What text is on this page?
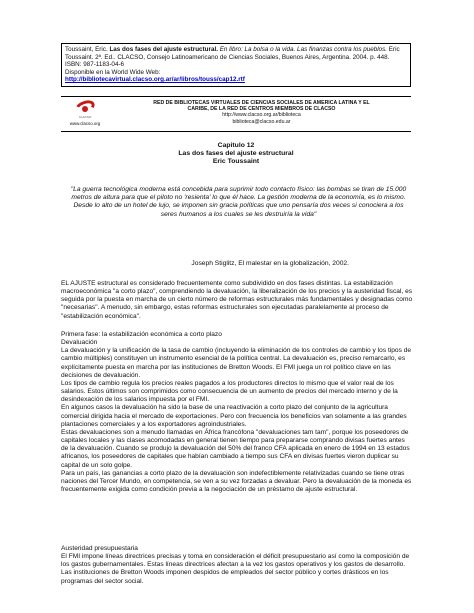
Toussaint, Eric. Las dos fases del ajuste estructural. En libro: La bolsa o la vida. Las finanzas contra los pueblos. Eric Toussaint. 2ª. Ed.. CLACSO, Consejo Latinoamericano de Ciencias Sociales, Buenos Aires, Argentina. 2004. p. 448. ISBN: 987-1183-04-6
Disponible en la World Wide Web:
http://bibliotecavirtual.clacso.org.ar/ar/libros/touss/cap12.rtf
CLACSO
www.clacso.org
RED DE BIBLIOTECAS VIRTUALES DE CIENCIAS SOCIALES DE AMERICA LATINA Y EL
CARIBE, DE LA RED DE CENTROS MIEMBROS DE CLACSO
http://www.clacso.org.ar/biblioteca
biblioteca@clacso.edu.ar
Capitulo 12
Las dos fases del ajuste estructural
Eric Toussaint
"La guerra tecnológica moderna está concebida para suprimir todo contacto físico: las bombas se tiran de 15.000 metros de altura para que el piloto no 'resienta' lo que él hace. La gestión moderna de la economía, es lo mismo. Desde lo alto de un hotel de lujo, se imponen sin gracia políticas que uno pensaría dos veces si conociera a los seres humanos a los cuales se les destruiría la vida"
Joseph Stiglitz, El malestar en la globalización, 2002.

EL AJUSTE estructural es considerado frecuentemente como subdividido en dos fases distintas. La estabilización macroeconómica "a corto plazo", comprendiendo la devaluación, la liberalización de los precios y la austeridad fiscal, es seguida por la puesta en marcha de un cierto número de reformas estructurales más fundamentales y designadas como "necesarias". A menudo, sin embargo, estas reformas estructurales son ejecutadas paralelamente al proceso de "estabilización económica".

Primera fase: la estabilización económica a corto plazo

Devaluación

La devaluación y la unificación de la tasa de cambio (incluyendo la eliminación de los controles de cambio y los tipos de cambio múltiples) constituyen un instrumento esencial de la política central. La devaluación es, preciso remarcarlo, es explícitamente puesta en marcha por las instituciones de Bretton Woods. El FMI juega un rol político clave en las decisiones de devaluación.

Los tipos de cambio regula los precios reales pagados a los productores directos lo mismo que el valor real de los salarios. Estos últimos son comprimidos como consecuencia de un aumento de precios del mercado interno y de la desindexación de los salarios impuesta por el FMI.

En algunos casos la devaluación ha sido la base de una reactivación a corto plazo del conjunto de la agricultura comercial dirigida hacia el mercado de exportaciones. Pero con frecuencia los beneficios van solamente a las grandes plantaciones comerciales y a los exportadores agroindustriales.

Estas devaluaciones son a menudo llamadas en África francófona "devaluaciones tam tam", porque los poseedores de capitales locales y las clases acomodadas en general tienen tiempo para prepararse comprando divisas fuertes antes de la devaluación. Cuando se produjo la devaluación del 50% del franco CFA aplicada en enero de 1994 en 13 estados africanos, los poseedores de capitales que habían cambiado a tiempo sus CFA en divisas fuertes vieron duplicar su capital de un solo golpe.

Para un país, las ganancias a corto plazo de la devaluación son indefectiblemente relativizadas cuando se tiene otras naciones del Tercer Mundo, en competencia, se ven a su vez forzadas a devaluar. Pero la devaluación de la moneda es frecuentemente exigida como condición previa a la negociación de un préstamo de ajuste estructural.

Austeridad presupuestaria

El FMI impone líneas directrices precisas y toma en consideración el déficit presupuestario así como la composición de los gastos gubernamentales. Estas líneas directrices afectan a la vez los gastos operativos y los gastos de desarrollo. Las instituciones de Bretton Woods imponen despidos de empleados del sector público y cortes drásticos en los programas del sector social.
